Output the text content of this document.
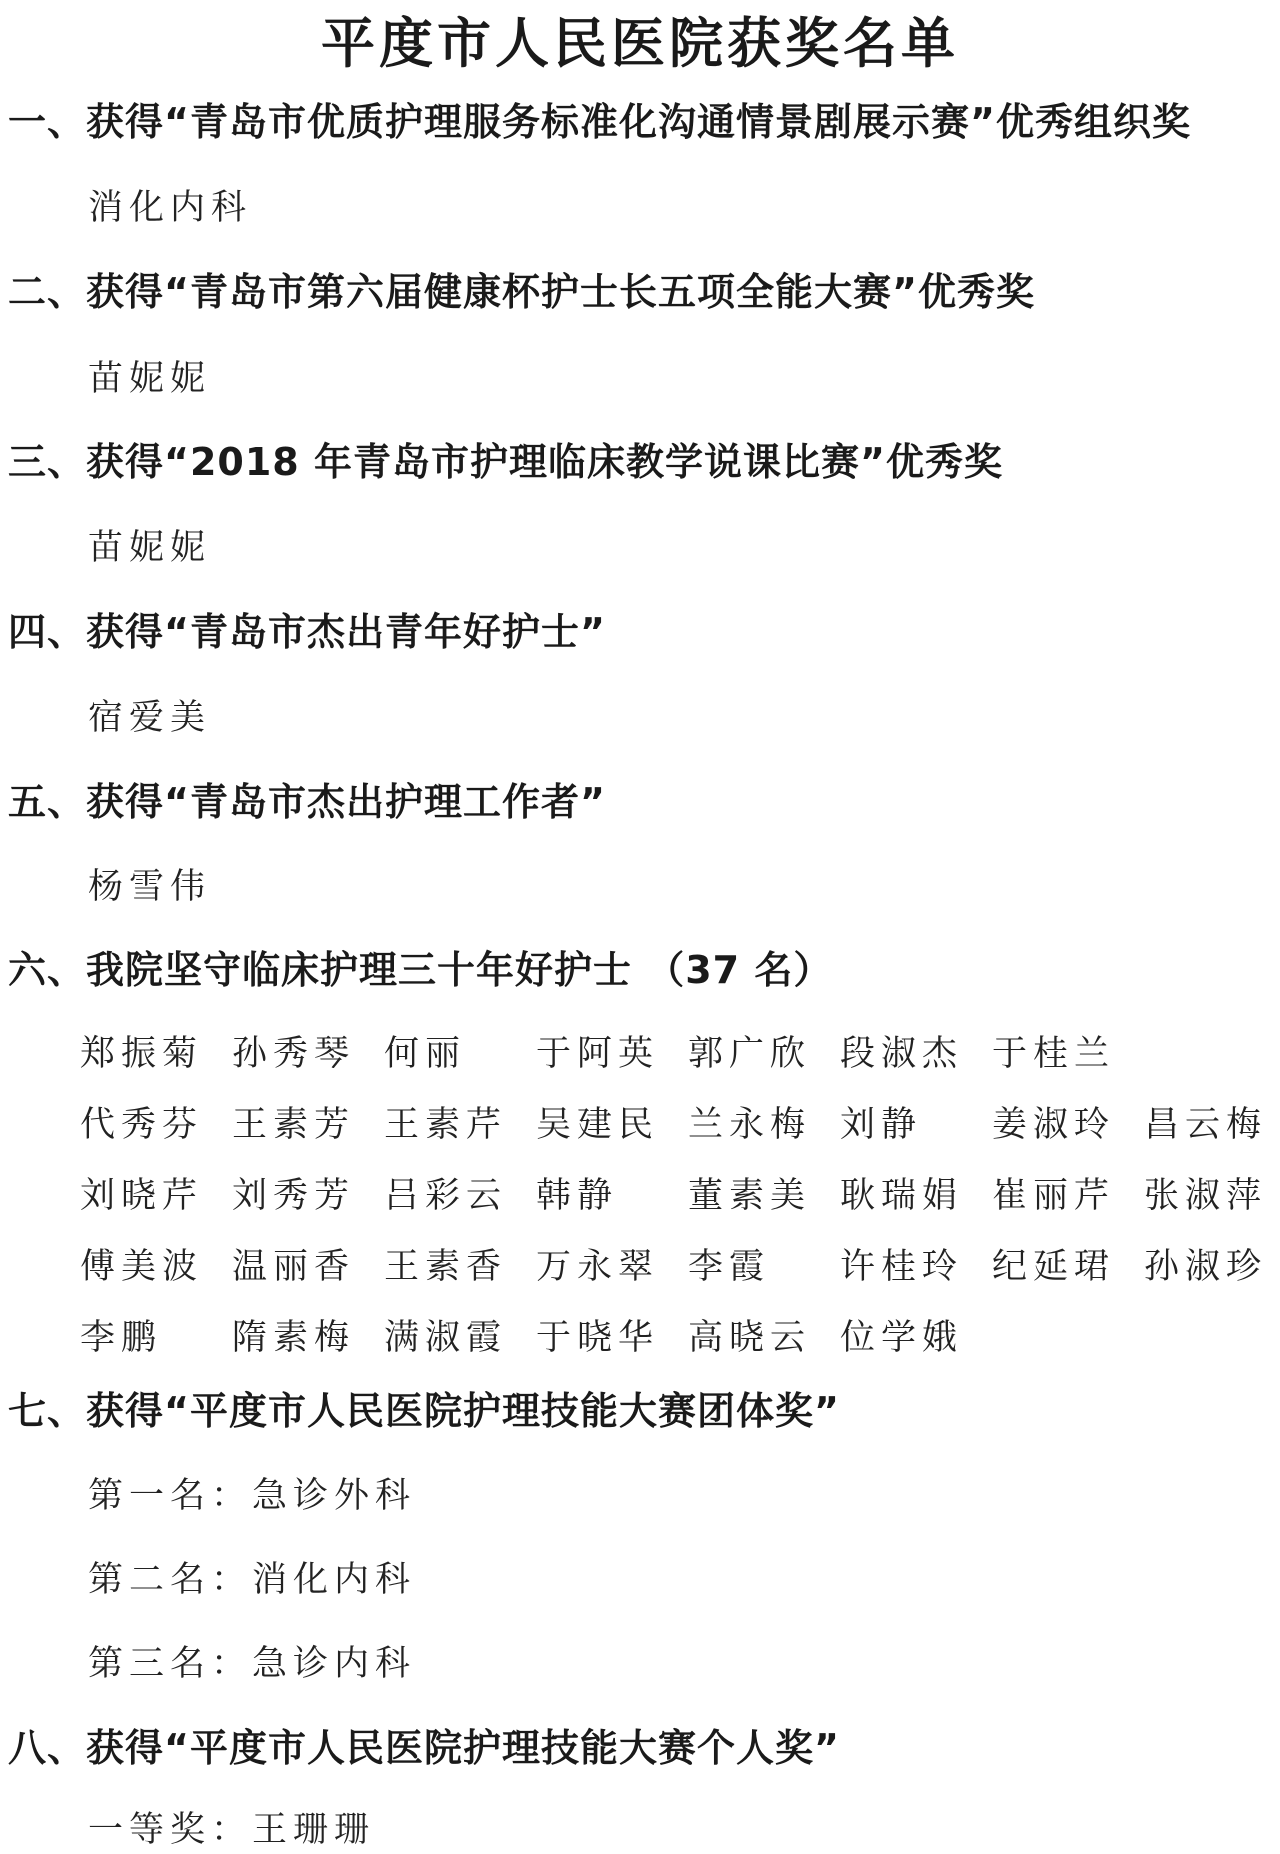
平度市人民医院获奖名单
一、获得“青岛市优质护理服务标准化沟通情景剧展示赛”优秀组织奖
消化内科
二、获得“青岛市第六届健康杯护士长五项全能大赛”优秀奖
苗妮妮
三、获得“2018 年青岛市护理临床教学说课比赛”优秀奖
苗妮妮
四、获得“青岛市杰出青年好护士”
宿爱美
五、获得“青岛市杰出护理工作者”
杨雪伟
六、我院坚守临床护理三十年好护士 （37 名）
郑振菊 孙秀琴 何丽	于阿英 郭广欣 段淑杰 于桂兰
代秀芬 王素芳 王素芹 吴建民 兰永梅 刘静	姜淑玲 昌云梅
刘晓芹 刘秀芳 吕彩云 韩静	董素美 耿瑞娟 崔丽芹 张淑萍
傅美波 温丽香 王素香 万永翠 李霞	许桂玲 纪延珺 孙淑珍
李鹏	隋素梅 满淑霞 于晓华 高晓云 位学娥
七、获得“平度市人民医院护理技能大赛团体奖”
第一名：急诊外科
第二名：消化内科
第三名：急诊内科
八、获得“平度市人民医院护理技能大赛个人奖”
一等奖：王珊珊
